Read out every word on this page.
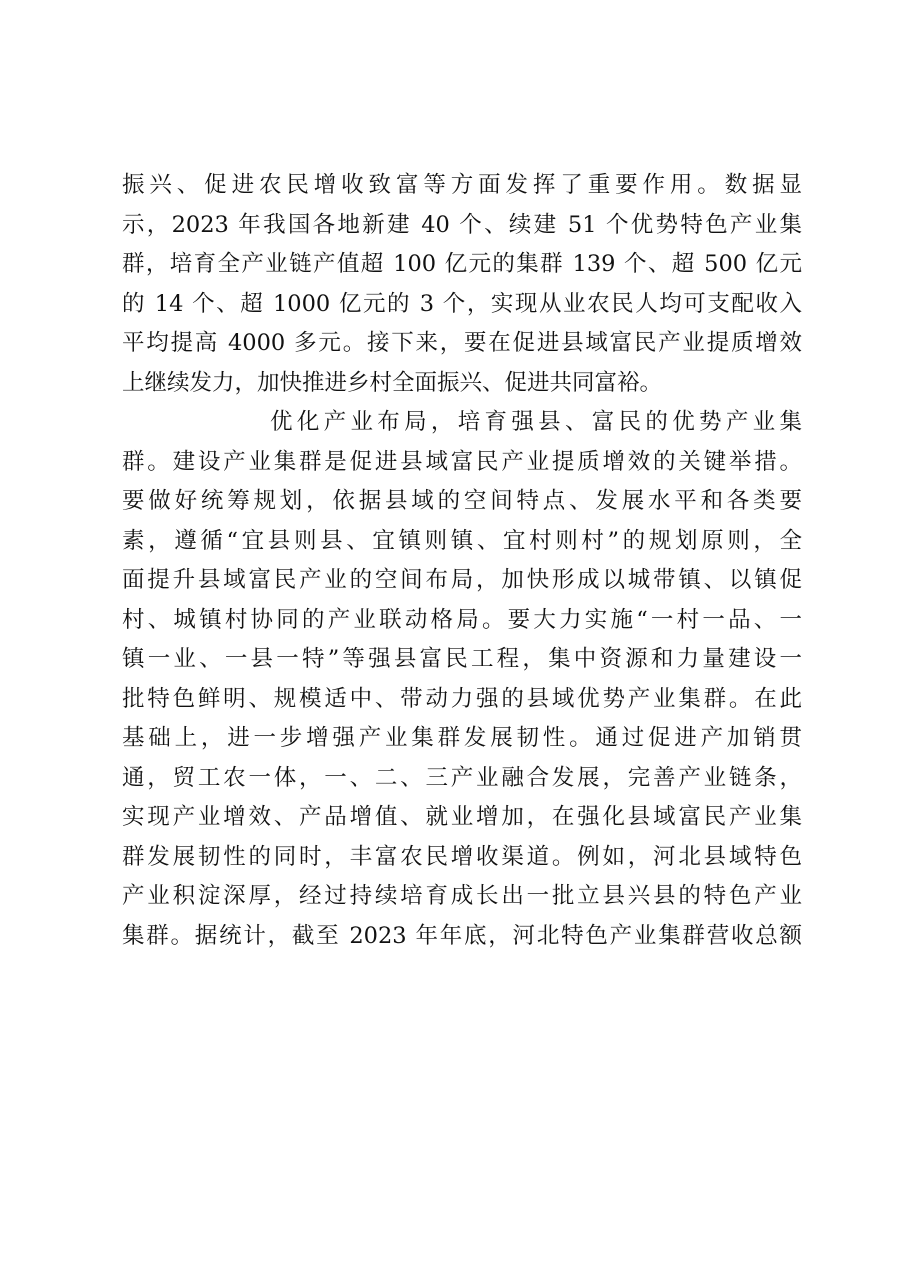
振兴、促进农民增收致富等方面发挥了重要作用。数据显
示，2023 年我国各地新建 40 个、续建 51 个优势特色产业集
群，培育全产业链产值超 100 亿元的集群 139 个、超 500 亿元
的 14 个、超 1000 亿元的 3 个，实现从业农民人均可支配收入
平均提高 4000 多元。接下来，要在促进县域富民产业提质增效
上继续发力，加快推进乡村全面振兴、促进共同富裕。
优化产业布局，培育强县、富民的优势产业集
群。建设产业集群是促进县域富民产业提质增效的关键举措。
要做好统筹规划，依据县域的空间特点、发展水平和各类要
素，遵循“宜县则县、宜镇则镇、宜村则村”的规划原则，全
面提升县域富民产业的空间布局，加快形成以城带镇、以镇促
村、城镇村协同的产业联动格局。要大力实施“一村一品、一
镇一业、一县一特”等强县富民工程，集中资源和力量建设一
批特色鲜明、规模适中、带动力强的县域优势产业集群。在此
基础上，进一步增强产业集群发展韧性。通过促进产加销贯
通，贸工农一体，一、二、三产业融合发展，完善产业链条，
实现产业增效、产品增值、就业增加，在强化县域富民产业集
群发展韧性的同时，丰富农民增收渠道。例如，河北县域特色
产业积淀深厚，经过持续培育成长出一批立县兴县的特色产业
集群。据统计，截至 2023 年年底，河北特色产业集群营收总额
